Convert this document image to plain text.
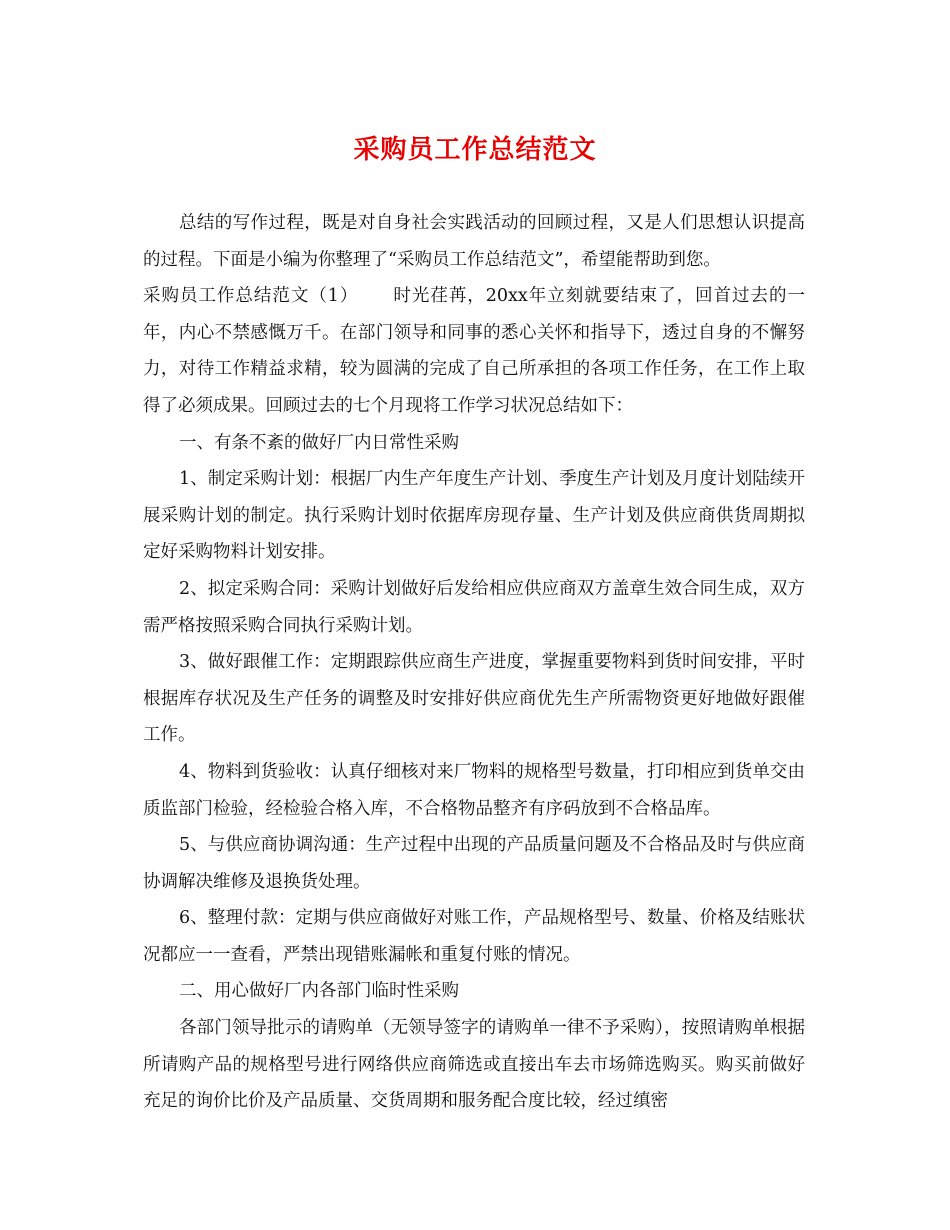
采购员工作总结范文

总结的写作过程，既是对自身社会实践活动的回顾过程，又是人们思想认识提高的过程。下面是小编为你整理了“采购员工作总结范文”，希望能帮助到您。

采购员工作总结范文（1） 时光荏苒，20xx年立刻就要结束了，回首过去的一年，内心不禁感慨万千。在部门领导和同事的悉心关怀和指导下，透过自身的不懈努力，对待工作精益求精，较为圆满的完成了自己所承担的各项工作任务，在工作上取得了必须成果。回顾过去的七个月现将工作学习状况总结如下：

一、有条不紊的做好厂内日常性采购

1、制定采购计划：根据厂内生产年度生产计划、季度生产计划及月度计划陆续开展采购计划的制定。执行采购计划时依据库房现存量、生产计划及供应商供货周期拟定好采购物料计划安排。

2、拟定采购合同：采购计划做好后发给相应供应商双方盖章生效合同生成，双方需严格按照采购合同执行采购计划。

3、做好跟催工作：定期跟踪供应商生产进度，掌握重要物料到货时间安排，平时根据库存状况及生产任务的调整及时安排好供应商优先生产所需物资更好地做好跟催工作。

4、物料到货验收：认真仔细核对来厂物料的规格型号数量，打印相应到货单交由质监部门检验，经检验合格入库，不合格物品整齐有序码放到不合格品库。

5、与供应商协调沟通：生产过程中出现的产品质量问题及不合格品及时与供应商协调解决维修及退换货处理。

6、整理付款：定期与供应商做好对账工作，产品规格型号、数量、价格及结账状况都应一一查看，严禁出现错账漏帐和重复付账的情况。

二、用心做好厂内各部门临时性采购

各部门领导批示的请购单（无领导签字的请购单一律不予采购），按照请购单根据所请购产品的规格型号进行网络供应商筛选或直接出车去市场筛选购买。购买前做好充足的询价比价及产品质量、交货周期和服务配合度比较，经过缜密
